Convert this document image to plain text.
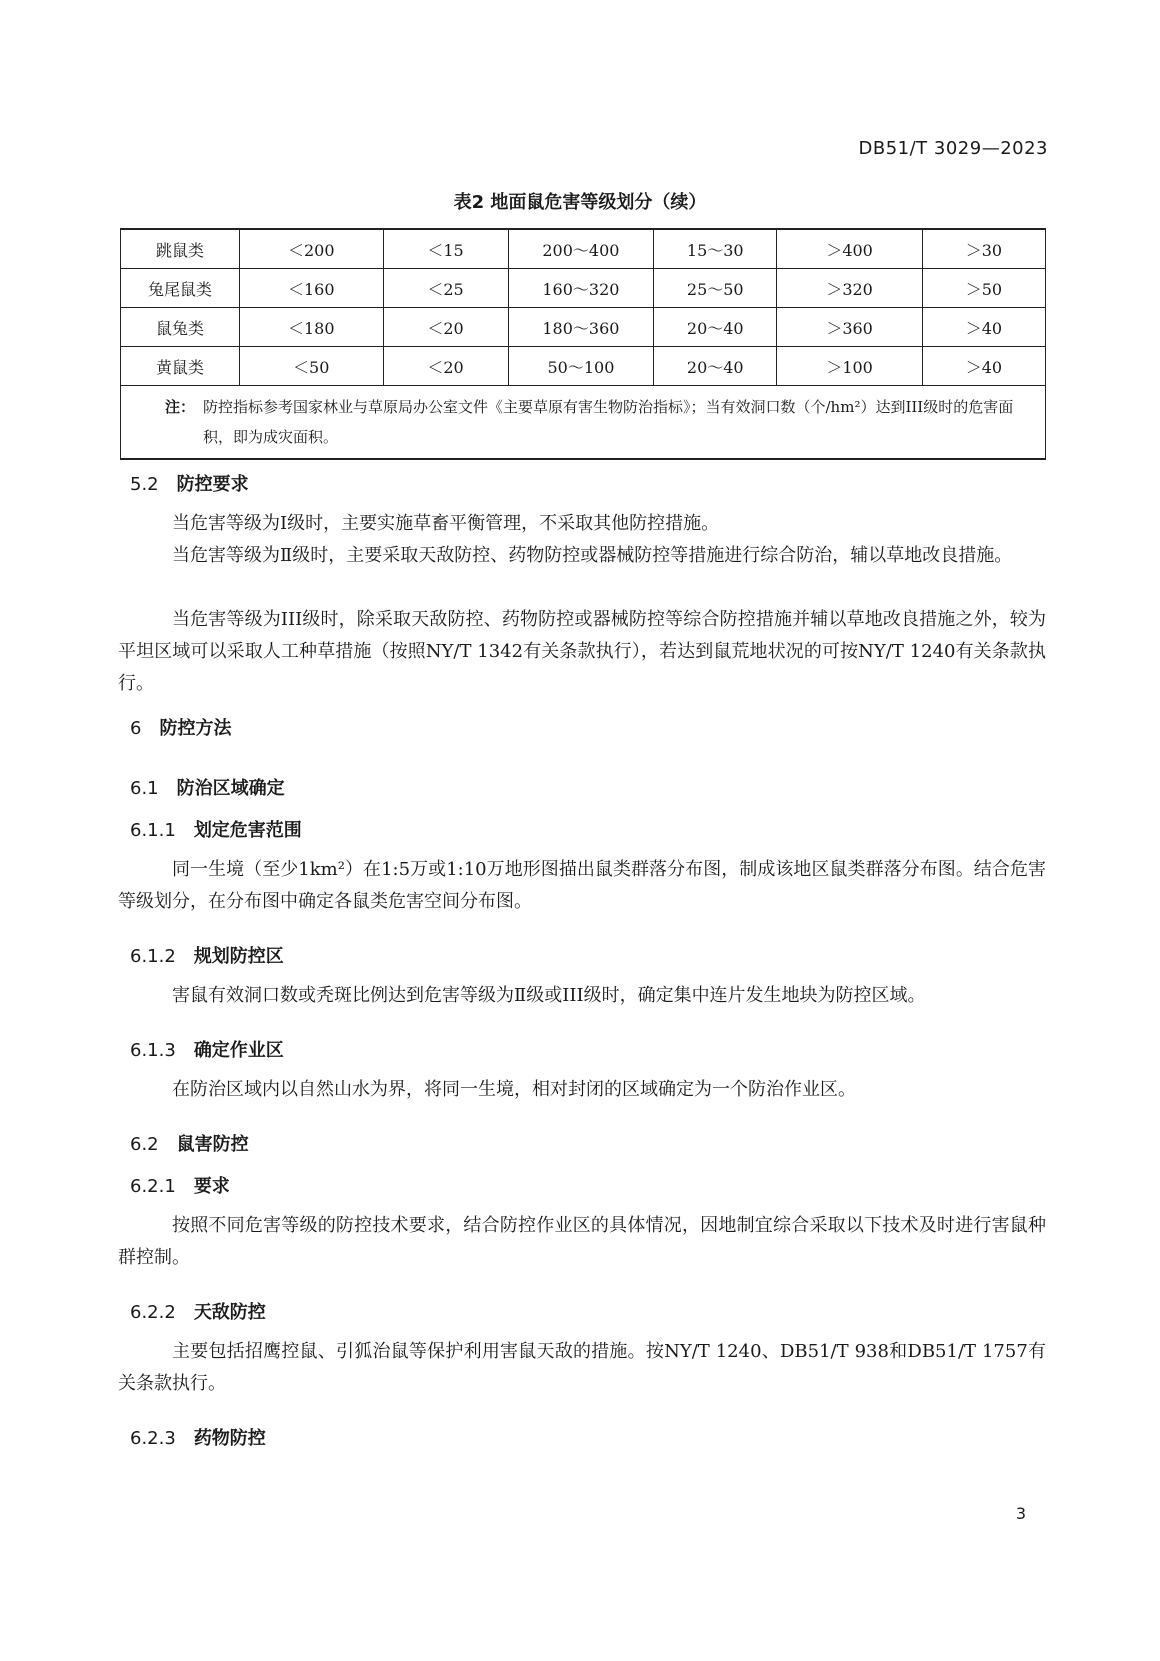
DB51/T 3029—2023
表2 地面鼠危害等级划分（续）
跳鼠类	＜200	＜15	200～400	15～30	＞400	＞30
兔尾鼠类	＜160	＜25	160～320	25～50	＞320	＞50
鼠兔类	＜180	＜20	180～360	20～40	＞360	＞40
黄鼠类	＜50	＜20	50～100	20～40	＞100	＞40

注： 防控指标参考国家林业与草原局办公室文件《主要草原有害生物防治指标》；当有效洞口数（个/hm²）达到III级时的危害面积，即为成灾面积。						
5.2 防控要求
当危害等级为Ⅰ级时，主要实施草畜平衡管理，不采取其他防控措施。
当危害等级为Ⅱ级时，主要采取天敌防控、药物防控或器械防控等措施进行综合防治，辅以草地改良措施。
当危害等级为III级时，除采取天敌防控、药物防控或器械防控等综合防控措施并辅以草地改良措施之外，较为平坦区域可以采取人工种草措施（按照NY/T 1342有关条款执行），若达到鼠荒地状况的可按NY/T 1240有关条款执行。
6 防控方法
6.1 防治区域确定
6.1.1 划定危害范围
同一生境（至少1km²）在1:5万或1:10万地形图描出鼠类群落分布图，制成该地区鼠类群落分布图。结合危害等级划分，在分布图中确定各鼠类危害空间分布图。
6.1.2 规划防控区
害鼠有效洞口数或秃斑比例达到危害等级为Ⅱ级或III级时，确定集中连片发生地块为防控区域。
6.1.3 确定作业区
在防治区域内以自然山水为界，将同一生境，相对封闭的区域确定为一个防治作业区。
6.2 鼠害防控
6.2.1 要求
按照不同危害等级的防控技术要求，结合防控作业区的具体情况，因地制宜综合采取以下技术及时进行害鼠种群控制。
6.2.2 天敌防控
主要包括招鹰控鼠、引狐治鼠等保护利用害鼠天敌的措施。按NY/T 1240、DB51/T 938和DB51/T 1757有关条款执行。
6.2.3 药物防控
3
